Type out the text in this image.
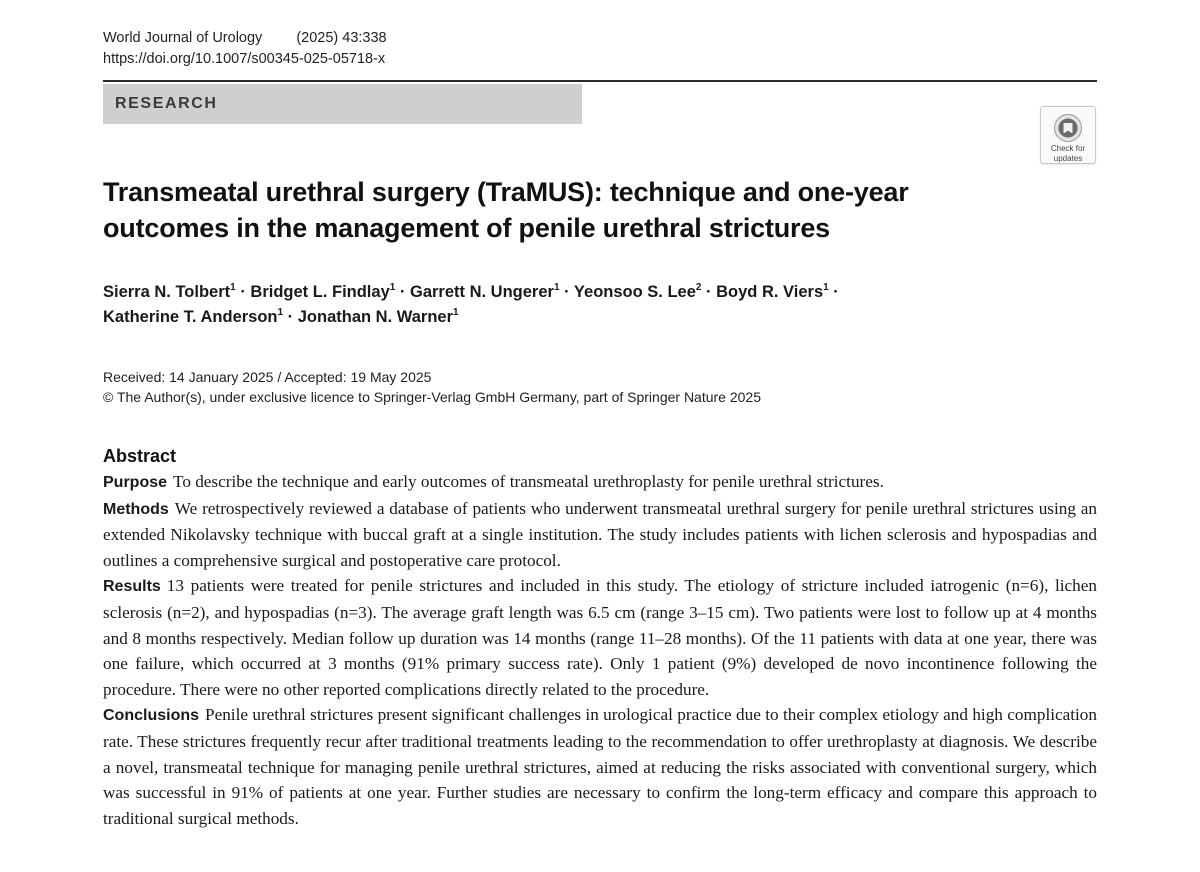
World Journal of Urology (2025) 43:338
https://doi.org/10.1007/s00345-025-05718-x
RESEARCH
Check for
updates
Transmeatal urethral surgery (TraMUS): technique and one-year outcomes in the management of penile urethral strictures
Sierra N. Tolbert$^1$ · Bridget L. Findlay$^1$ · Garrett N. Ungerer$^1$ · Yeonsoo S. Lee$^2$ · Boyd R. Viers$^1$ ·
Katherine T. Anderson$^1$ · Jonathan N. Warner$^1$
Received: 14 January 2025 / Accepted: 19 May 2025
© The Author(s), under exclusive licence to Springer-Verlag GmbH Germany, part of Springer Nature 2025
Abstract

Purpose To describe the technique and early outcomes of transmeatal urethroplasty for penile urethral strictures.

Methods We retrospectively reviewed a database of patients who underwent transmeatal urethral surgery for penile urethral strictures using an extended Nikolavsky technique with buccal graft at a single institution. The study includes patients with lichen sclerosis and hypospadias and outlines a comprehensive surgical and postoperative care protocol.

Results 13 patients were treated for penile strictures and included in this study. The etiology of stricture included iatrogenic (n=6), lichen sclerosis (n=2), and hypospadias (n=3). The average graft length was 6.5 cm (range 3–15 cm). Two patients were lost to follow up at 4 months and 8 months respectively. Median follow up duration was 14 months (range 11–28 months). Of the 11 patients with data at one year, there was one failure, which occurred at 3 months (91% primary success rate). Only 1 patient (9%) developed de novo incontinence following the procedure. There were no other reported complications directly related to the procedure.

Conclusions Penile urethral strictures present significant challenges in urological practice due to their complex etiology and high complication rate. These strictures frequently recur after traditional treatments leading to the recommendation to offer urethroplasty at diagnosis. We describe a novel, transmeatal technique for managing penile urethral strictures, aimed at reducing the risks associated with conventional surgery, which was successful in 91% of patients at one year. Further studies are necessary to confirm the long-term efficacy and compare this approach to traditional surgical methods.
